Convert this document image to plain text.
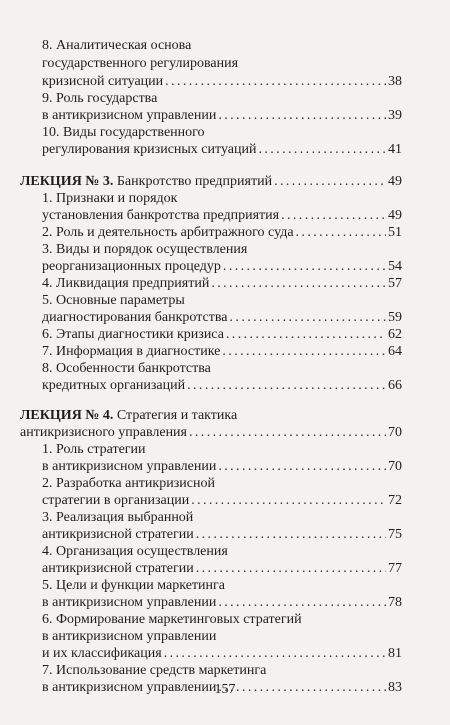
8. Аналитическая основа
государственного регулирования
кризисной ситуации .....	38
9. Роль государства
в антикризисном управлении .....	39
10. Виды государственного
регулирования кризисных ситуаций .....	41
ЛЕКЦИЯ № 3.
Банкротство предприятий .....	49
1. Признаки и порядок
установления банкротства предприятия .....	49
2. Роль и деятельность арбитражного суда .....	51
3. Виды и порядок осуществления
реорганизационных процедур .....	54
4. Ликвидация предприятий .....	57
5. Основные параметры
диагностирования банкротства .....	59
6. Этапы диагностики кризиса .....	62
7. Информация в диагностике .....	64
8. Особенности банкротства
кредитных организаций .....	66
ЛЕКЦИЯ № 4. Стратегия и тактика
антикризисного управления .....	70
1. Роль стратегии
в антикризисном управлении .....	70
2. Разработка антикризисной
стратегии в организации .....	72
3. Реализация выбранной
антикризисной стратегии .....	75
4. Организация осуществления
антикризисной стратегии .....	77
5. Цели и функции маркетинга
в антикризисном управлении .....	78
6. Формирование маркетинговых стратегий
в антикризисном управлении
и их классификация .....	81
7. Использование средств маркетинга
в антикризисном управлении .....	83
157
